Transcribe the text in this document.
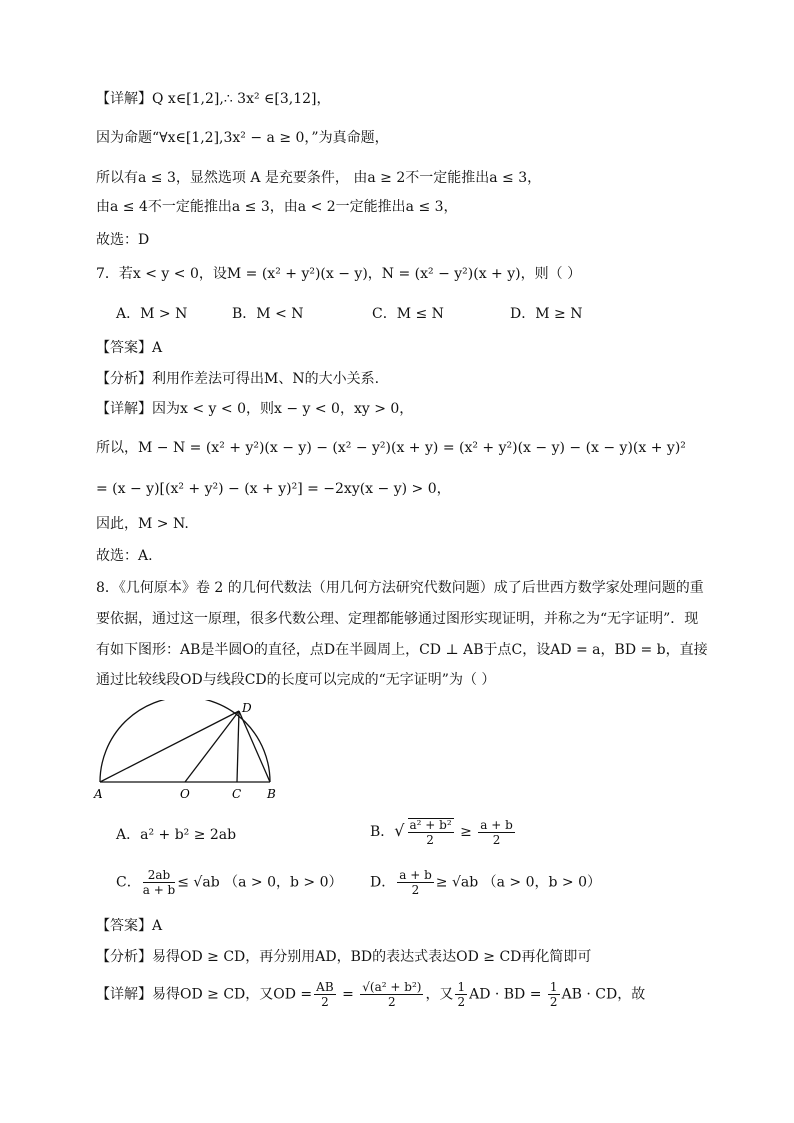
【详解】Q x∈[1,2],∴ 3x² ∈[3,12]，
因为命题“∀x∈[1,2],3x² − a ≥ 0，”为真命题，
所以有a ≤ 3，显然选项 A 是充要条件， 由a ≥ 2不一定能推出a ≤ 3，
由a ≤ 4不一定能推出a ≤ 3，由a < 2一定能推出a ≤ 3，
故选：D
7．若x < y < 0，设M = (x² + y²)(x − y)，N = (x² − y²)(x + y)，则（ ）
A．M > N	B．M < N	C．M ≤ N	D．M ≥ N
【答案】A
【分析】利用作差法可得出M、N的大小关系.
【详解】因为x < y < 0，则x − y < 0，xy > 0，
所以，M − N = (x² + y²)(x − y) − (x² − y²)(x + y) = (x² + y²)(x − y) − (x − y)(x + y)²
= (x − y)[(x² + y²) − (x + y)²] = −2xy(x − y) > 0，
因此，M > N.
故选：A.
8．《几何原本》卷 2 的几何代数法（用几何方法研究代数问题）成了后世西方数学家处理问题的重
要依据，通过这一原理，很多代数公理、定理都能够通过图形实现证明，并称之为“无字证明”．现
有如下图形：AB是半圆O的直径，点D在半圆周上，CD ⊥ AB于点C，设AD = a，BD = b，直接
通过比较线段OD与线段CD的长度可以完成的“无字证明”为（ ）
D
A	O	C B
A．a² + b² ≥ 2ab	B．√ $\frac{\text{a² + b²}}{2} \ge \frac{a + b}{2}$
C． $\frac{2ab}{a + b} \le √ab$ （a > 0，b > 0） D． $\frac{a + b}{2} \ge √ab$ （a > 0，b > 0）
【答案】A
【分析】易得OD ≥ CD，再分别用AD，BD的表达式表达OD ≥ CD再化简即可
【详解】易得OD ≥ CD，又OD = $\frac{AB}{2} = \frac{\text{√(a² + b²)}}{2}$ ，又 $\frac{1}{2}$ AD · BD = $\frac{1}{2}$ AB · CD，故
